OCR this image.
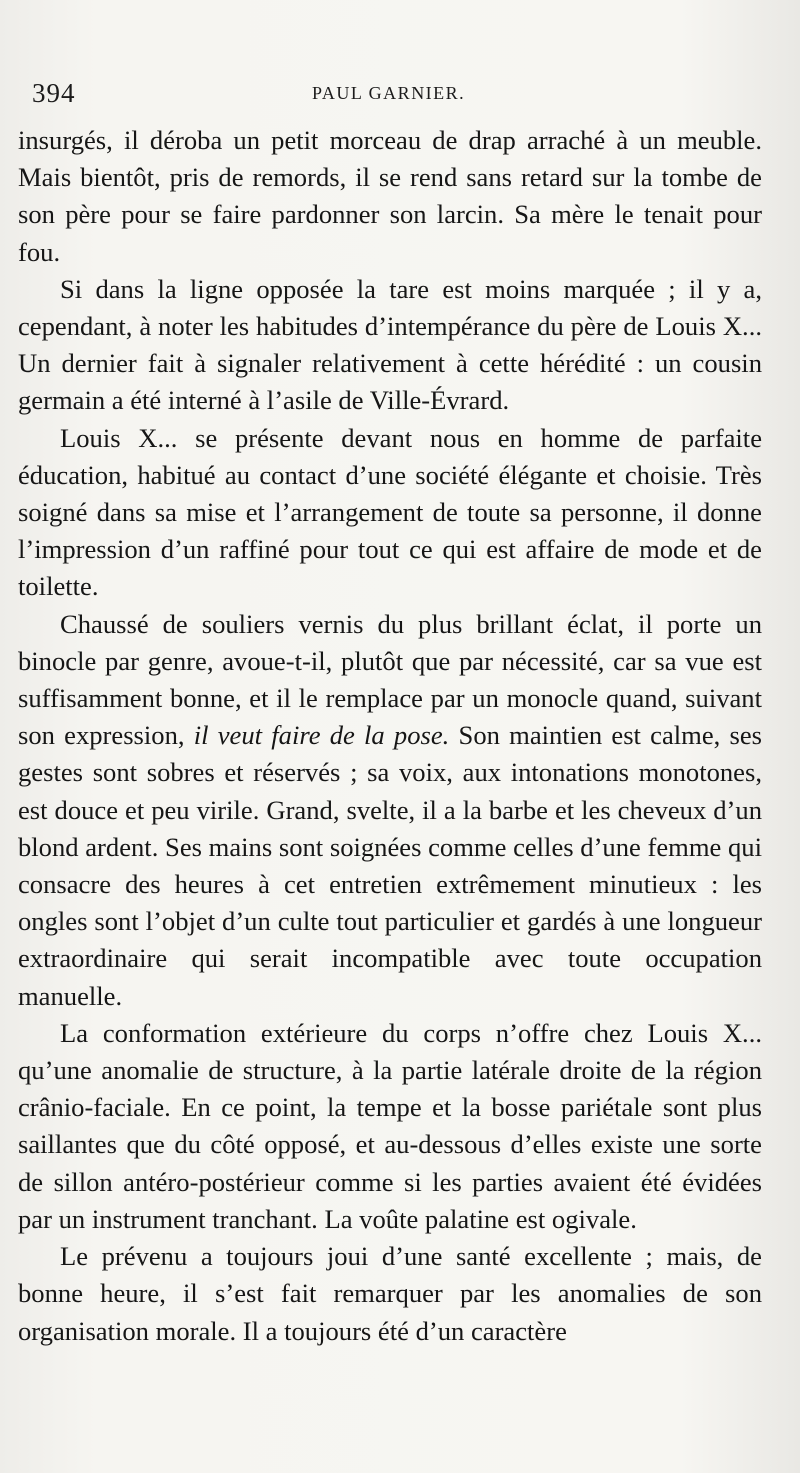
394	PAUL GARNIER.

insurgés, il déroba un petit morceau de drap arraché à un meuble. Mais bientôt, pris de remords, il se rend sans retard sur la tombe de son père pour se faire pardonner son larcin. Sa mère le tenait pour fou.

Si dans la ligne opposée la tare est moins marquée ; il y a, cependant, à noter les habitudes d’intempérance du père de Louis X... Un dernier fait à signaler relativement à cette hérédité : un cousin germain a été interné à l’asile de Ville-Évrard.

Louis X... se présente devant nous en homme de parfaite éducation, habitué au contact d’une société élégante et choisie. Très soigné dans sa mise et l’arrangement de toute sa personne, il donne l’impression d’un raffiné pour tout ce qui est affaire de mode et de toilette.

Chaussé de souliers vernis du plus brillant éclat, il porte un binocle par genre, avoue-t-il, plutôt que par nécessité, car sa vue est suffisamment bonne, et il le remplace par un monocle quand, suivant son expression, il veut faire de la pose. Son maintien est calme, ses gestes sont sobres et réservés ; sa voix, aux intonations monotones, est douce et peu virile. Grand, svelte, il a la barbe et les cheveux d’un blond ardent. Ses mains sont soignées comme celles d’une femme qui consacre des heures à cet entretien extrêmement minutieux : les ongles sont l’objet d’un culte tout particulier et gardés à une longueur extraordinaire qui serait incompatible avec toute occupation manuelle.

La conformation extérieure du corps n’offre chez Louis X... qu’une anomalie de structure, à la partie latérale droite de la région crânio-faciale. En ce point, la tempe et la bosse pariétale sont plus saillantes que du côté opposé, et au-dessous d’elles existe une sorte de sillon antéro-postérieur comme si les parties avaient été évidées par un instrument tranchant. La voûte palatine est ogivale.

Le prévenu a toujours joui d’une santé excellente ; mais, de bonne heure, il s’est fait remarquer par les anomalies de son organisation morale. Il a toujours été d’un caractère
